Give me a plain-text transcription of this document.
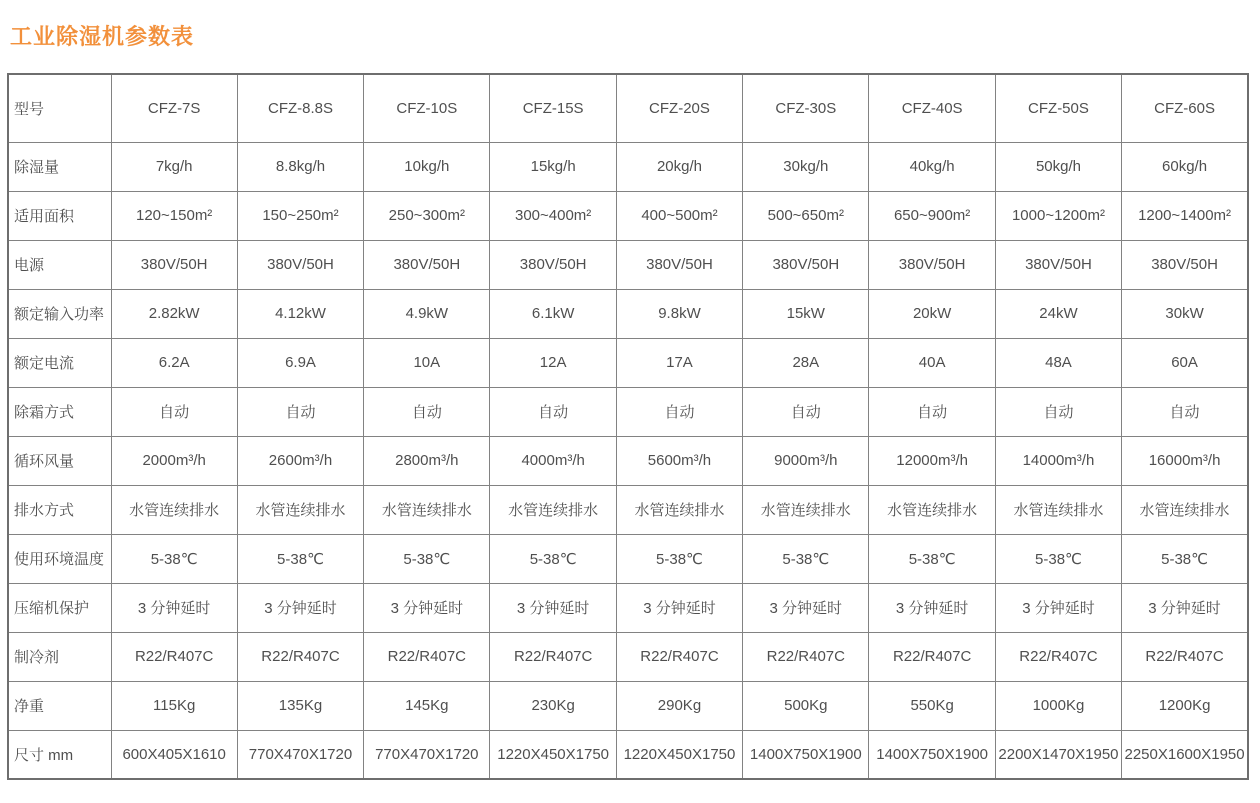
工业除湿机参数表
型号	CFZ-7S	CFZ-8.8S	CFZ-10S	CFZ-15S	CFZ-20S	CFZ-30S	CFZ-40S	CFZ-50S	CFZ-60S
除湿量	7kg/h	8.8kg/h	10kg/h	15kg/h	20kg/h	30kg/h	40kg/h	50kg/h	60kg/h
适用面积	120~150m²	150~250m²	250~300m²	300~400m²	400~500m²	500~650m²	650~900m²	1000~1200m²	1200~1400m²
电源	380V/50H	380V/50H	380V/50H	380V/50H	380V/50H	380V/50H	380V/50H	380V/50H	380V/50H
额定输入功率	2.82kW	4.12kW	4.9kW	6.1kW	9.8kW	15kW	20kW	24kW	30kW
额定电流	6.2A	6.9A	10A	12A	17A	28A	40A	48A	60A
除霜方式	自动	自动	自动	自动	自动	自动	自动	自动	自动
循环风量	2000m³/h	2600m³/h	2800m³/h	4000m³/h	5600m³/h	9000m³/h	12000m³/h	14000m³/h	16000m³/h
排水方式	水管连续排水	水管连续排水	水管连续排水	水管连续排水	水管连续排水	水管连续排水	水管连续排水	水管连续排水	水管连续排水
使用环境温度	5-38℃	5-38℃	5-38℃	5-38℃	5-38℃	5-38℃	5-38℃	5-38℃	5-38℃
压缩机保护	3 分钟延时	3 分钟延时	3 分钟延时	3 分钟延时	3 分钟延时	3 分钟延时	3 分钟延时	3 分钟延时	3 分钟延时
制冷剂	R22/R407C	R22/R407C	R22/R407C	R22/R407C	R22/R407C	R22/R407C	R22/R407C	R22/R407C	R22/R407C
净重	115Kg	135Kg	145Kg	230Kg	290Kg	500Kg	550Kg	1000Kg	1200Kg
尺寸 mm	600X405X1610	770X470X1720	770X470X1720	1220X450X1750	1220X450X1750	1400X750X1900	1400X750X1900	2200X1470X1950	2250X1600X1950
